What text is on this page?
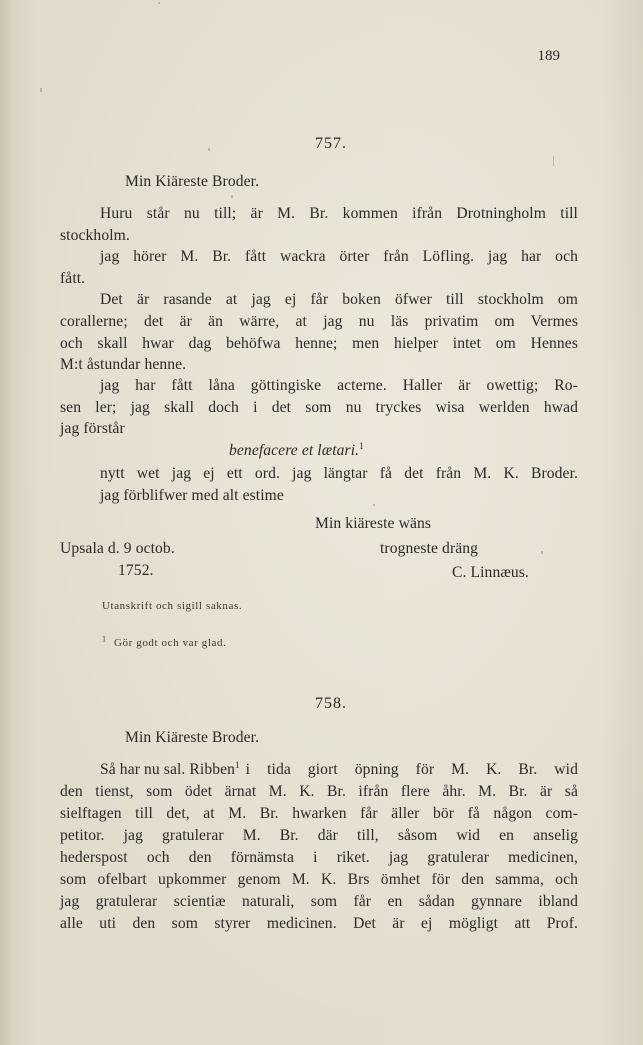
189
757.
Min Kiäreste Broder.
Huru står nu till; är M. Br. kommen ifrån Drotningholm till
stockholm.
jag hörer M. Br. fått wackra örter från Löfling. jag har och
fått.
Det är rasande at jag ej får boken öfwer till stockholm om
corallerne; det är än wärre, at jag nu läs privatim om Vermes
och skall hwar dag behöfwa henne; men hielper intet om Hennes
M:t åstundar henne.
jag har fått låna göttingiske acterne. Haller är owettig; Ro-
sen ler; jag skall doch i det som nu tryckes wisa werlden hwad
jag förstår
benefacere et lætari.$^1$
nytt wet jag ej ett ord. jag längtar få det från M. K. Broder.
jag förblifwer med alt estime
Min kiäreste wäns
Upsala d. 9 octob.	trogneste dräng
1752.	C. Linnæus.
Utanskrift och sigill saknas.
$^1$ Gör godt och var glad.
758.
Min Kiäreste Broder.
Så har nu sal. Ribben$^1$ i tida giort öpning för M. K. Br. wid
den tienst, som ödet ärnat M. K. Br. ifrån flere åhr. M. Br. är så
sielftagen till det, at M. Br. hwarken får äller bör få någon com-
petitor. jag gratulerar M. Br. där till, såsom wid en anselig
hederspost och den förnämsta i riket. jag gratulerar medicinen,
som ofelbart upkommer genom M. K. Brs ömhet för den samma, och
jag gratulerar scientiæ naturali, som får en sådan gynnare ibland
alle uti den som styrer medicinen. Det är ej mögligt att Prof.
